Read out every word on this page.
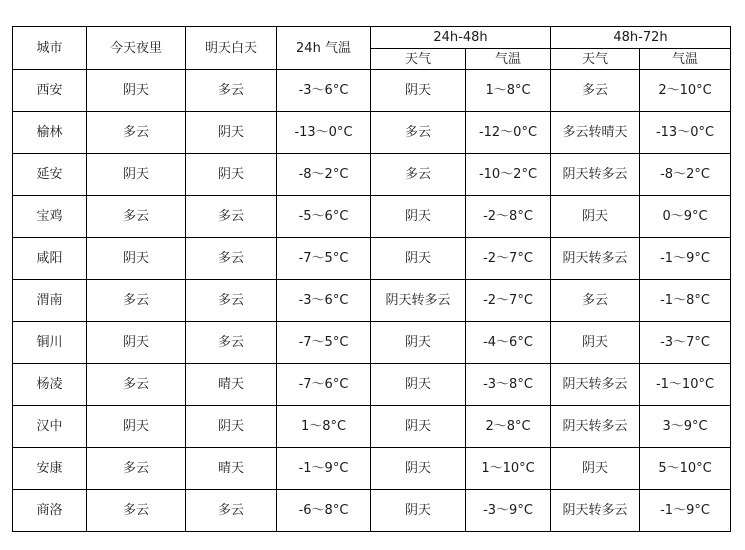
城市	今天夜里	明天白天	24h 气温	24h-48h		48h-72h	
				天气	气温	天气	气温
西安	阴天	多云	-3～6°C	阴天	1～8°C	多云	2～10°C
榆林	多云	阴天	-13～0°C	多云	-12～0°C	多云转晴天	-13～0°C
延安	阴天	阴天	-8～2°C	多云	-10～2°C	阴天转多云	-8～2°C
宝鸡	多云	多云	-5～6°C	阴天	-2～8°C	阴天	0～9°C
咸阳	阴天	多云	-7～5°C	阴天	-2～7°C	阴天转多云	-1～9°C
渭南	多云	多云	-3～6°C	阴天转多云	-2～7°C	多云	-1～8°C
铜川	阴天	多云	-7～5°C	阴天	-4～6°C	阴天	-3～7°C
杨凌	多云	晴天	-7～6°C	阴天	-3～8°C	阴天转多云	-1～10°C
汉中	阴天	阴天	1～8°C	阴天	2～8°C	阴天转多云	3～9°C
安康	多云	晴天	-1～9°C	阴天	1～10°C	阴天	5～10°C
商洛	多云	多云	-6～8°C	阴天	-3～9°C	阴天转多云	-1～9°C
